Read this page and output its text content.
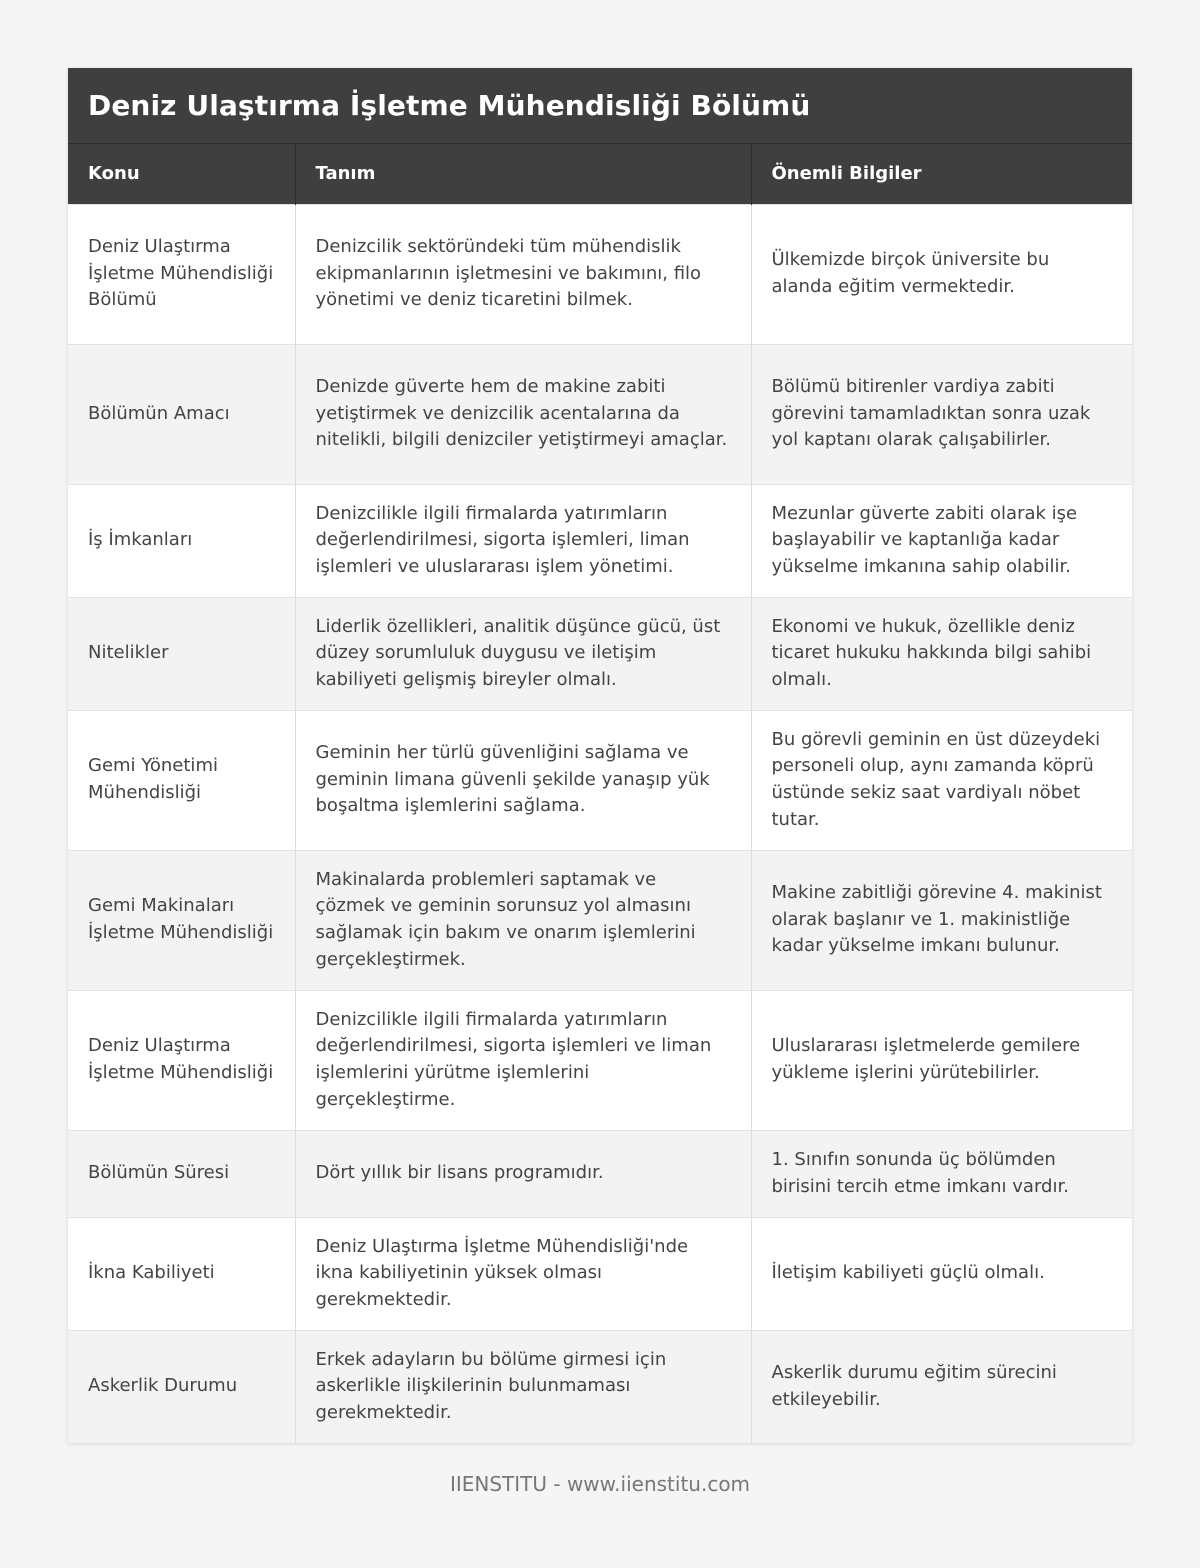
Deniz Ulaştırma İşletme Mühendisliği Bölümü
Konu	Tanım	Önemli Bilgiler
Deniz Ulaştırma İşletme Mühendisliği Bölümü	Denizcilik sektöründeki tüm mühendislik ekipmanlarının işletmesini ve bakımını, filo yönetimi ve deniz ticaretini bilmek.	Ülkemizde birçok üniversite bu alanda eğitim vermektedir.
Bölümün Amacı	Denizde güverte hem de makine zabiti yetiştirmek ve denizcilik acentalarına da nitelikli, bilgili denizciler yetiştirmeyi amaçlar.	Bölümü bitirenler vardiya zabiti görevini tamamladıktan sonra uzak yol kaptanı olarak çalışabilirler.
İş İmkanları	Denizcilikle ilgili firmalarda yatırımların değerlendirilmesi, sigorta işlemleri, liman işlemleri ve uluslararası işlem yönetimi.	Mezunlar güverte zabiti olarak işe başlayabilir ve kaptanlığa kadar yükselme imkanına sahip olabilir.
Nitelikler	Liderlik özellikleri, analitik düşünce gücü, üst düzey sorumluluk duygusu ve iletişim kabiliyeti gelişmiş bireyler olmalı.	Ekonomi ve hukuk, özellikle deniz ticaret hukuku hakkında bilgi sahibi olmalı.
Gemi Yönetimi Mühendisliği	Geminin her türlü güvenliğini sağlama ve geminin limana güvenli şekilde yanaşıp yük boşaltma işlemlerini sağlama.	Bu görevli geminin en üst düzeydeki personeli olup, aynı zamanda köprü üstünde sekiz saat vardiyalı nöbet tutar.
Gemi Makinaları İşletme Mühendisliği	Makinalarda problemleri saptamak ve çözmek ve geminin sorunsuz yol almasını sağlamak için bakım ve onarım işlemlerini gerçekleştirmek.	Makine zabitliği görevine 4. makinist olarak başlanır ve 1. makinistliğe kadar yükselme imkanı bulunur.
Deniz Ulaştırma İşletme Mühendisliği	Denizcilikle ilgili firmalarda yatırımların değerlendirilmesi, sigorta işlemleri ve liman işlemlerini yürütme işlemlerini gerçekleştirme.	Uluslararası işletmelerde gemilere yükleme işlerini yürütebilirler.
Bölümün Süresi	Dört yıllık bir lisans programıdır.	1. Sınıfın sonunda üç bölümden birisini tercih etme imkanı vardır.
İkna Kabiliyeti	Deniz Ulaştırma İşletme Mühendisliği'nde ikna kabiliyetinin yüksek olması gerekmektedir.	İletişim kabiliyeti güçlü olmalı.
Askerlik Durumu	Erkek adayların bu bölüme girmesi için askerlikle ilişkilerinin bulunmaması gerekmektedir.	Askerlik durumu eğitim sürecini etkileyebilir.
IIENSTITU - www.iienstitu.com
